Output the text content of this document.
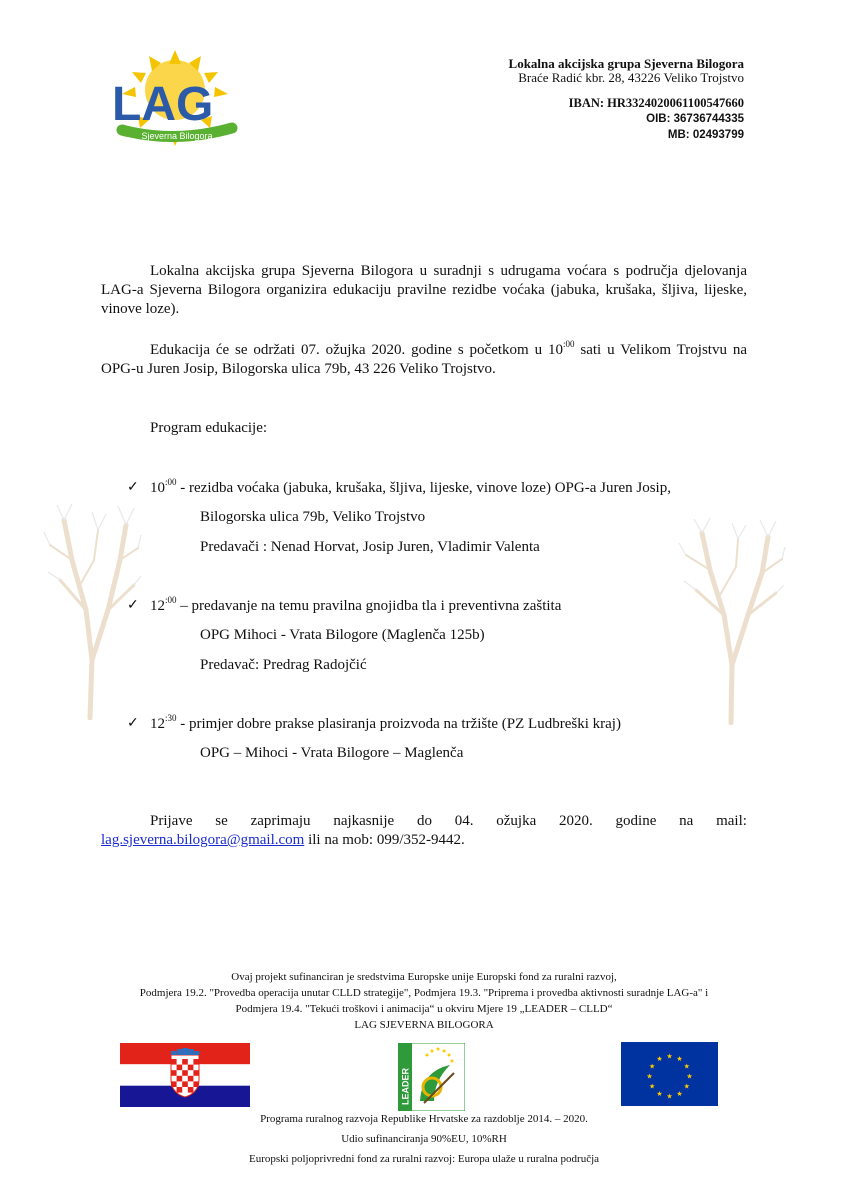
LAG
Sjeverna Bilogora
Lokalna akcijska grupa Sjeverna Bilogora
Braće Radić kbr. 28, 43226 Veliko Trojstvo
IBAN: HR3324020061100547660
OIB: 36736744335
MB: 02493799
Lokalna akcijska grupa Sjeverna Bilogora u suradnji s udrugama voćara s područja djelovanja LAG-a Sjeverna Bilogora organizira edukaciju pravilne rezidbe voćaka (jabuka, krušaka, šljiva, lijeske, vinove loze).
Edukacija će se održati 07. ožujka 2020. godine s početkom u $10^{:00}$ sati u Velikom Trojstvu na OPG-u Juren Josip, Bilogorska ulica 79b, 43 226 Veliko Trojstvo.
Program edukacije:
✓ $10^{:00}$ - rezidba voćaka (jabuka, krušaka, šljiva, lijeske, vinove loze) OPG-a Juren Josip,
Bilogorska ulica 79b, Veliko Trojstvo
Predavači : Nenad Horvat, Josip Juren, Vladimir Valenta
✓ $12^{:00}$ – predavanje na temu pravilna gnojidba tla i preventivna zaštita
OPG Mihoci - Vrata Bilogore (Maglenča 125b)
Predavač: Predrag Radojčić
✓ $12^{:30}$ - primjer dobre prakse plasiranja proizvoda na tržište (PZ Ludbreški kraj)
OPG – Mihoci - Vrata Bilogore – Maglenča
Prijave se zaprimaju najkasnije do 04. ožujka 2020. godine na mail:
lag.sjeverna.bilogora@gmail.com ili na mob: 099/352-9442.
Ovaj projekt sufinanciran je sredstvima Europske unije Europski fond za ruralni razvoj,
Podmjera 19.2. "Provedba operacija unutar CLLD strategije", Podmjera 19.3. "Priprema i provedba aktivnosti suradnje LAG-a" i
Podmjera 19.4. "Tekući troškovi i animacija“ u okviru Mjere 19 „LEADER – CLLD“
LAG SJEVERNA BILOGORA
LEADER
★ ★
★
★
★
★
★
★
★
★
★
★
Programa ruralnog razvoja Republike Hrvatske za razdoblje 2014. – 2020.
Udio sufinanciranja 90%EU, 10%RH
Europski poljoprivredni fond za ruralni razvoj: Europa ulaže u ruralna područja
